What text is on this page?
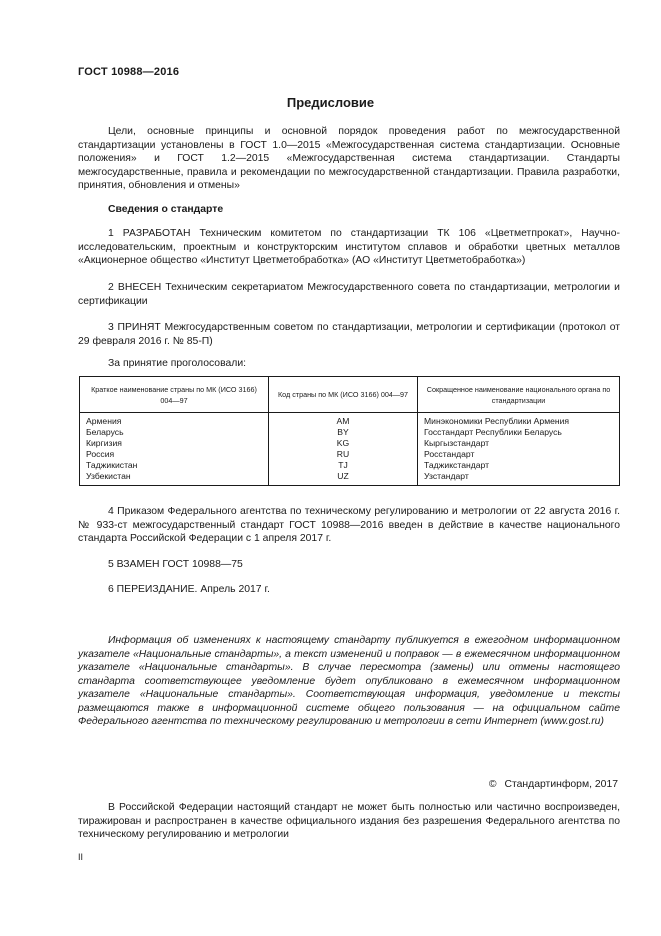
ГОСТ 10988—2016
Предисловие

Цели, основные принципы и основной порядок проведения работ по межгосударственной стандартизации установлены в ГОСТ 1.0—2015 «Межгосударственная система стандартизации. Основные положения» и ГОСТ 1.2—2015 «Межгосударственная система стандартизации. Стандарты межгосударственные, правила и рекомендации по межгосударственной стандартизации. Правила разработки, принятия, обновления и отмены»

Сведения о стандарте

1 РАЗРАБОТАН Техническим комитетом по стандартизации ТК 106 «Цветметпрокат», Научно-исследовательским, проектным и конструкторским институтом сплавов и обработки цветных металлов «Акционерное общество «Институт Цветметобработка» (АО «Институт Цветметобработка»)

2 ВНЕСЕН Техническим секретариатом Межгосударственного совета по стандартизации, метрологии и сертификации

3 ПРИНЯТ Межгосударственным советом по стандартизации, метрологии и сертификации (протокол от 29 февраля 2016 г. № 85-П)

За принятие проголосовали:
Краткое наименование страны по МК (ИСО 3166) 004—97	Код страны по МК (ИСО 3166) 004—97	Сокращенное наименование национального органа по стандартизации
Армения	AM	Минэкономики Республики Армения
Беларусь	BY	Госстандарт Республики Беларусь
Киргизия	KG	Кыргызстандарт
Россия	RU	Росстандарт
Таджикистан	TJ	Таджикстандарт
Узбекистан	UZ	Узстандарт

4 Приказом Федерального агентства по техническому регулированию и метрологии от 22 августа 2016 г. № 933-ст межгосударственный стандарт ГОСТ 10988—2016 введен в действие в качестве национального стандарта Российской Федерации с 1 апреля 2017 г.

5 ВЗАМЕН ГОСТ 10988—75

6 ПЕРЕИЗДАНИЕ. Апрель 2017 г.

Информация об изменениях к настоящему стандарту публикуется в ежегодном информационном указателе «Национальные стандарты», а текст изменений и поправок — в ежемесячном информационном указателе «Национальные стандарты». В случае пересмотра (замены) или отмены настоящего стандарта соответствующее уведомление будет опубликовано в ежемесячном информационном указателе «Национальные стандарты». Соответствующая информация, уведомление и тексты размещаются также в информационной системе общего пользования — на официальном сайте Федерального агентства по техническому регулированию и метрологии в сети Интернет (www.gost.ru)

© Стандартинформ, 2017

В Российской Федерации настоящий стандарт не может быть полностью или частично воспроизведен, тиражирован и распространен в качестве официального издания без разрешения Федерального агентства по техническому регулированию и метрологии

II
